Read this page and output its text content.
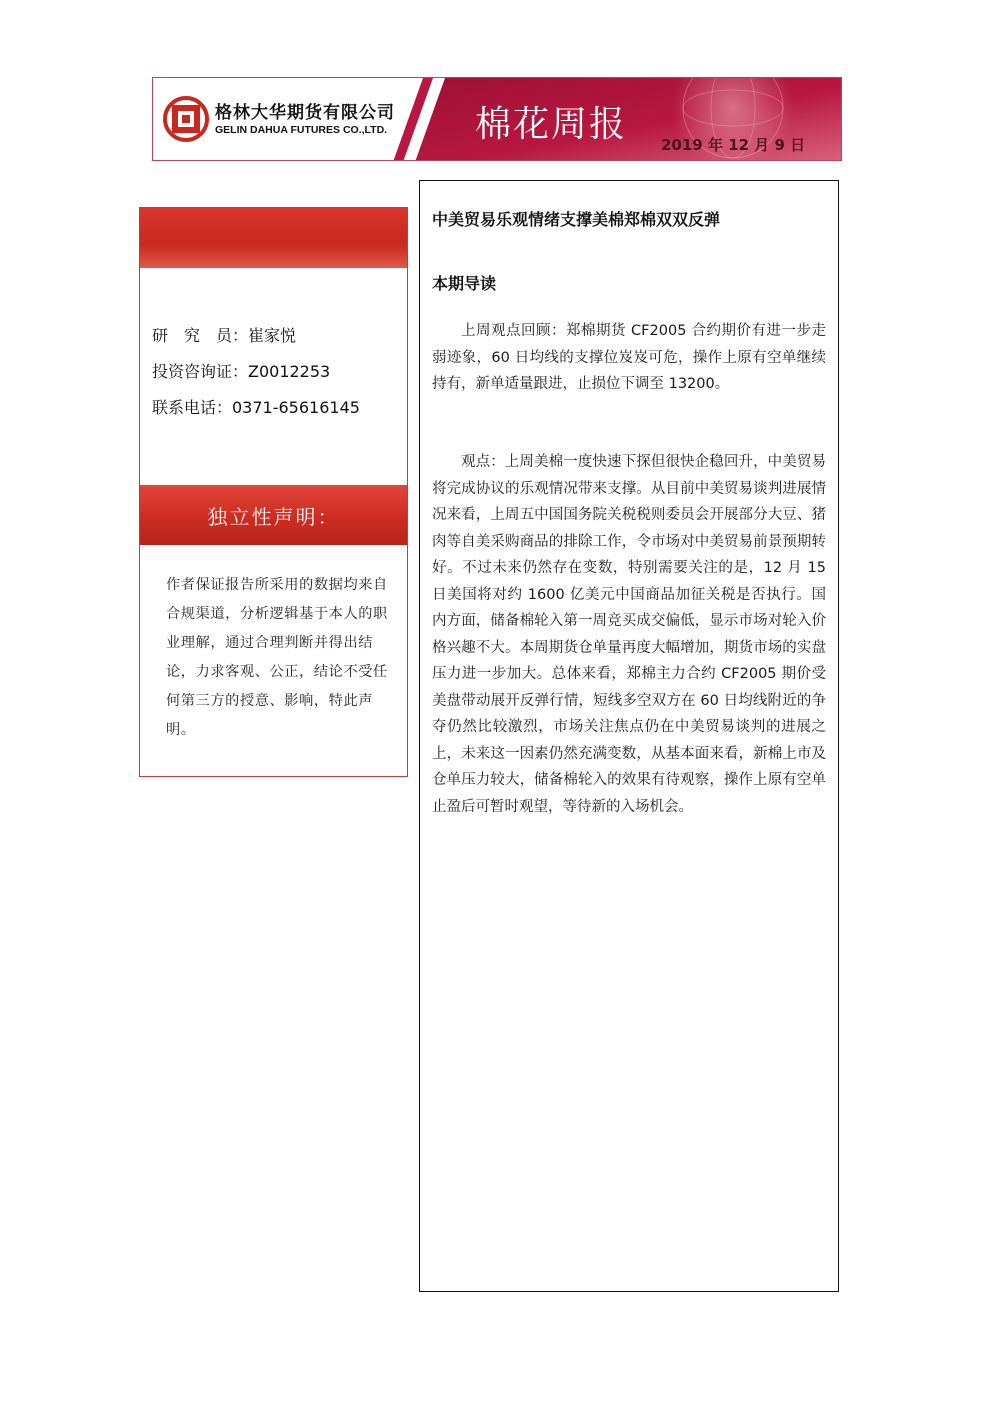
格林大华期货有限公司
GELIN DAHUA FUTURES CO.,LTD. 棉花周报 2019 年 12 月 9 日
研　究　员：崔家悦
投资咨询证：Z0012253
联系电话：0371-65616145
独立性声明：
作者保证报告所采用的数据均来自合规渠道，分析逻辑基于本人的职业理解，通过合理判断并得出结论，力求客观、公正，结论不受任何第三方的授意、影响，特此声明。
中美贸易乐观情绪支撑美棉郑棉双双反弹
本期导读
上周观点回顾：郑棉期货 CF2005 合约期价有进一步走弱迹象，60 日均线的支撑位岌岌可危，操作上原有空单继续持有，新单适量跟进，止损位下调至 13200。
观点：上周美棉一度快速下探但很快企稳回升，中美贸易将完成协议的乐观情况带来支撑。从目前中美贸易谈判进展情况来看，上周五中国国务院关税税则委员会开展部分大豆、猪肉等自美采购商品的排除工作，令市场对中美贸易前景预期转好。不过未来仍然存在变数，特别需要关注的是，12 月 15 日美国将对约 1600 亿美元中国商品加征关税是否执行。国内方面，储备棉轮入第一周竞买成交偏低，显示市场对轮入价格兴趣不大。本周期货仓单量再度大幅增加，期货市场的实盘压力进一步加大。总体来看，郑棉主力合约 CF2005 期价受美盘带动展开反弹行情，短线多空双方在 60 日均线附近的争夺仍然比较激烈，市场关注焦点仍在中美贸易谈判的进展之上，未来这一因素仍然充满变数，从基本面来看，新棉上市及仓单压力较大，储备棉轮入的效果有待观察，操作上原有空单止盈后可暂时观望，等待新的入场机会。
